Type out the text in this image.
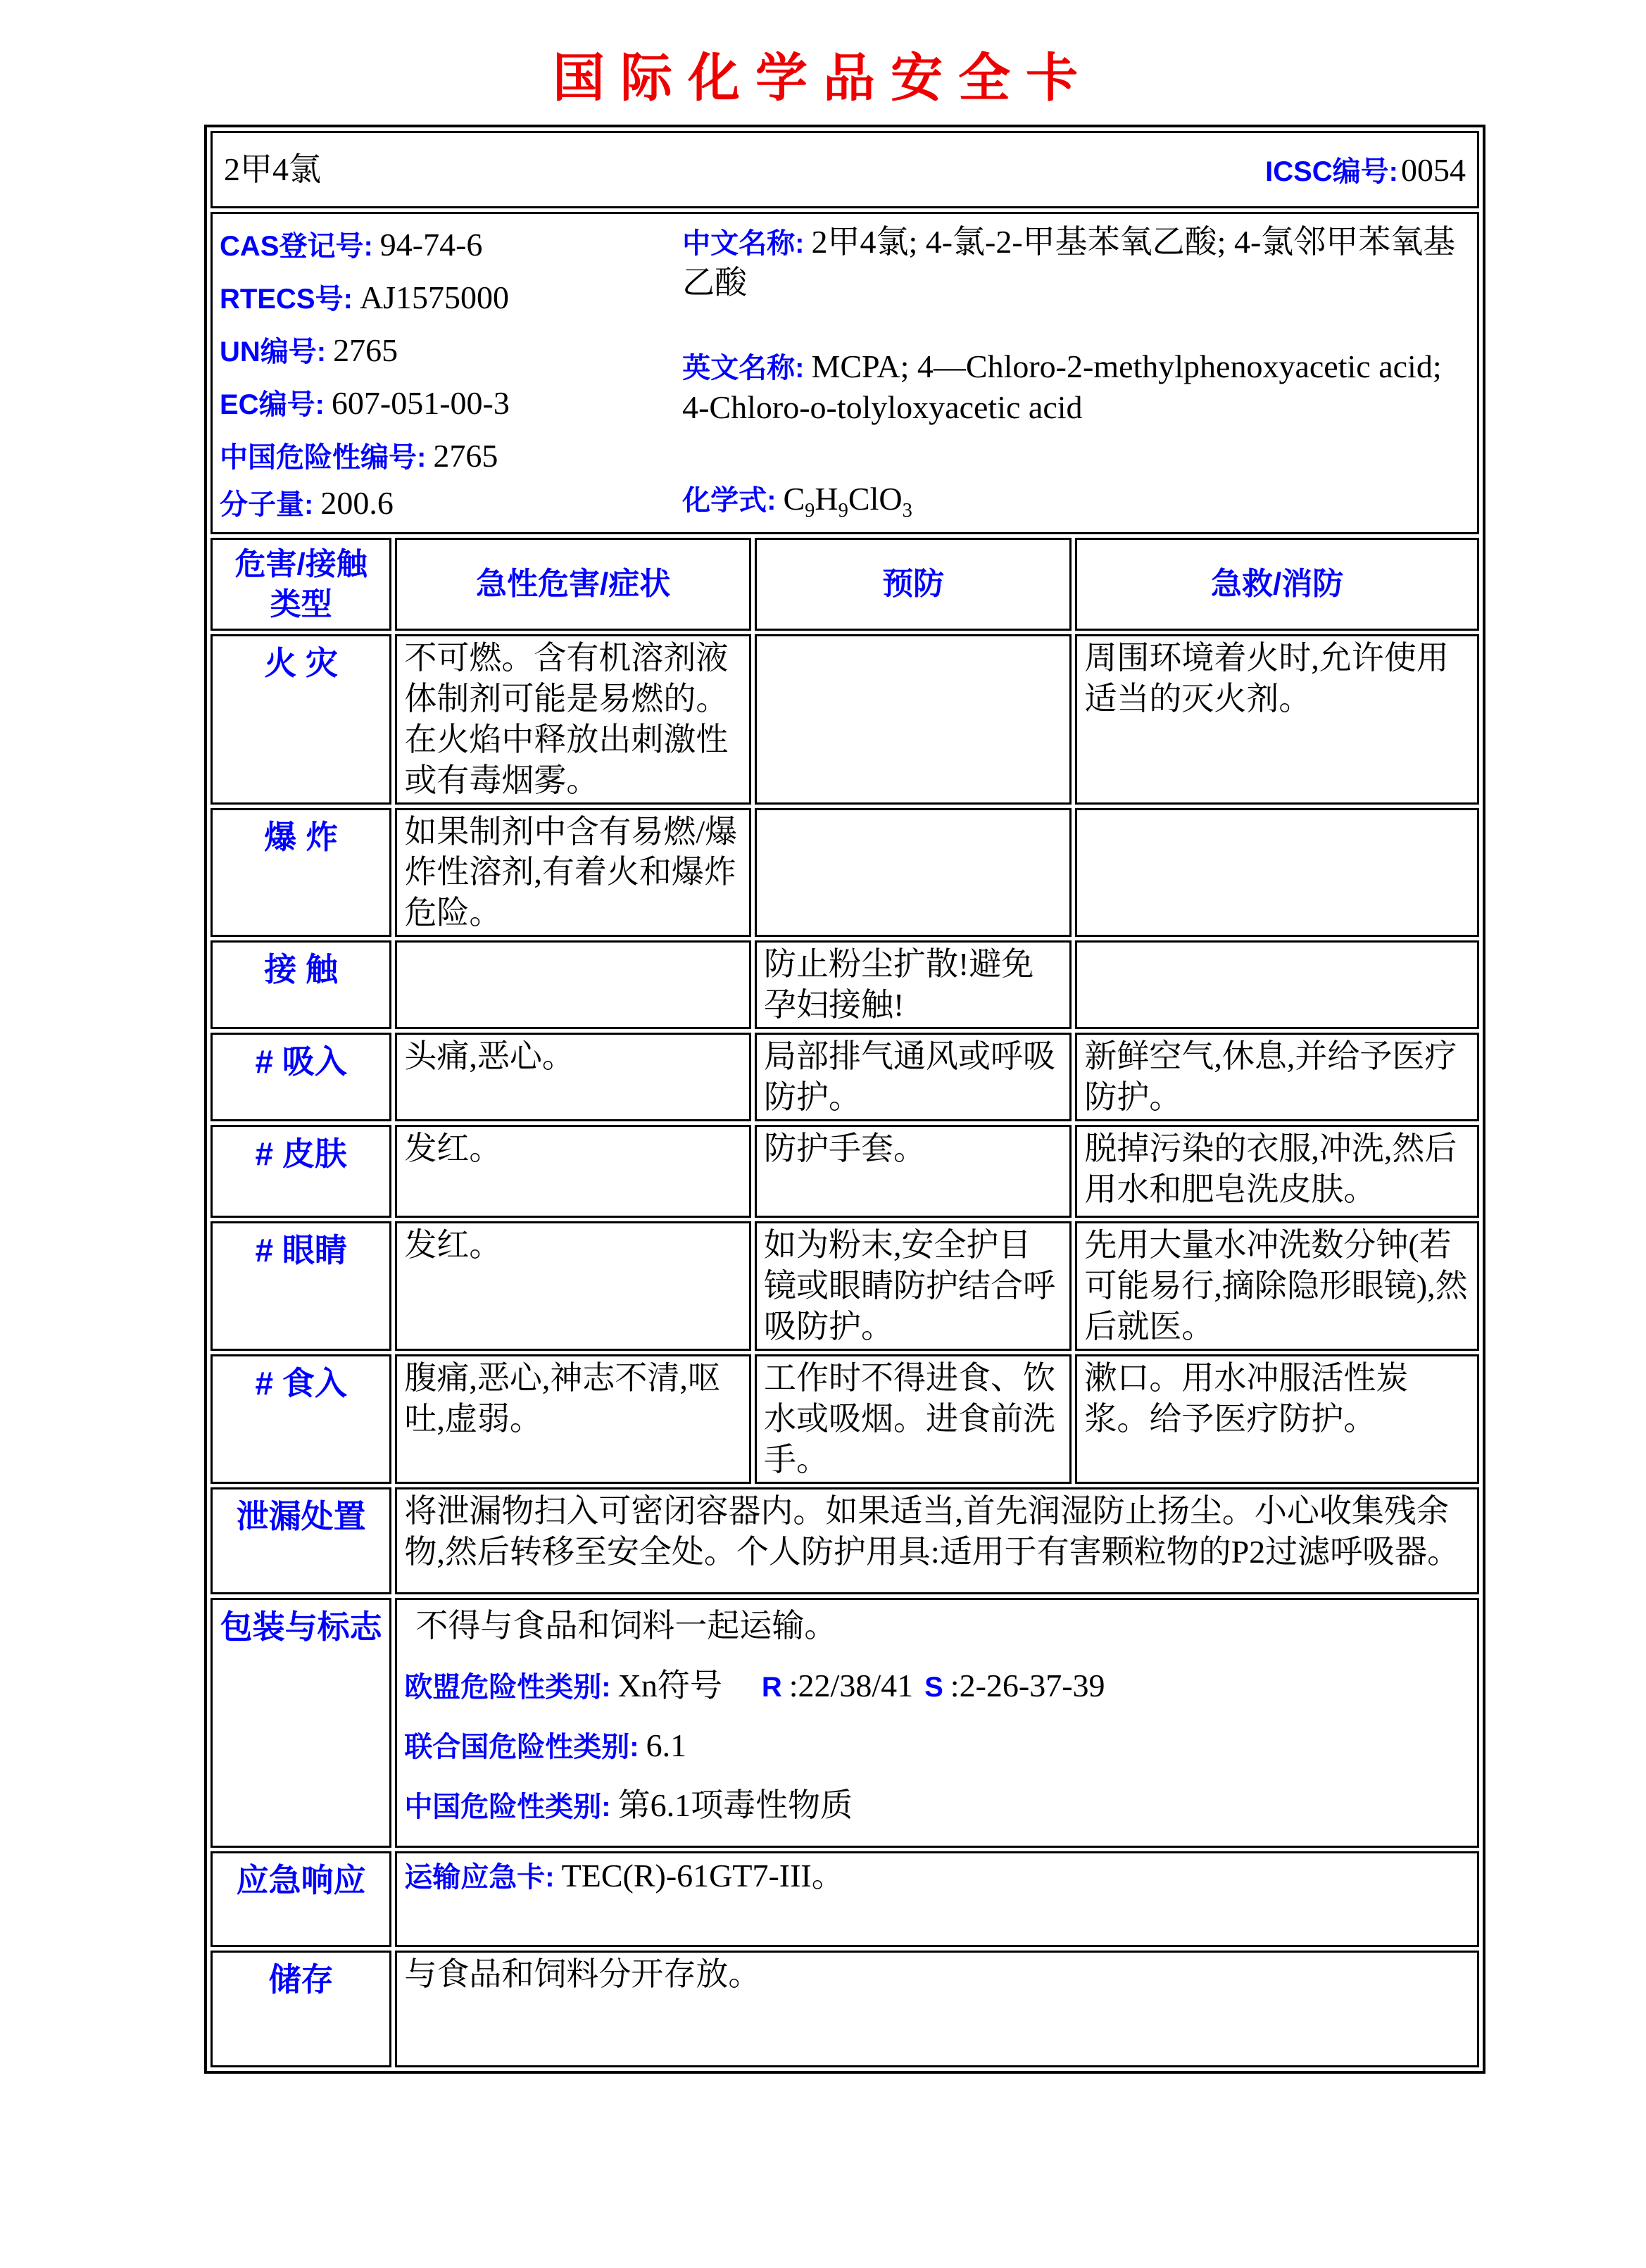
国际化学品安全卡
2甲4氯 ICSC编号: 0054			

CAS登记号: 94-74-6
RTECS号: AJ1575000
UN编号: 2765
EC编号: 607-051-00-3
中国危险性编号: 2765
分子量: 200.6
中文名称: 2甲4氯; 4-氯-2-甲基苯氧乙酸; 4-氯邻甲苯氧基乙酸
英文名称: MCPA; 4—Chloro-2-methylphenoxyacetic acid; 4-Chloro-o-tolyloxyacetic acid
化学式: $C_9H_9ClO_3$

危害/接触类型	急性危害/症状	预防	急救/消防
火 灾	不可燃。含有机溶剂液体制剂可能是易燃的。在火焰中释放出刺激性或有毒烟雾。		周围环境着火时,允许使用适当的灭火剂。
爆 炸	如果制剂中含有易燃/爆炸性溶剂,有着火和爆炸危险。		
接 触		防止粉尘扩散!避免孕妇接触!	
# 吸入	头痛,恶心。	局部排气通风或呼吸防护。	新鲜空气,休息,并给予医疗防护。
# 皮肤	发红。	防护手套。	脱掉污染的衣服,冲洗,然后用水和肥皂洗皮肤。
# 眼睛	发红。	如为粉末,安全护目镜或眼睛防护结合呼吸防护。	先用大量水冲洗数分钟(若可能易行,摘除隐形眼镜),然后就医。
# 食入	腹痛,恶心,神志不清,呕吐,虚弱。	工作时不得进食、饮水或吸烟。进食前洗手。	漱口。用水冲服活性炭浆。给予医疗防护。
泄漏处置	将泄漏物扫入可密闭容器内。如果适当,首先润湿防止扬尘。小心收集残余物,然后转移至安全处。个人防护用具:适用于有害颗粒物的P2过滤呼吸器。		
包装与标志	不得与食品和饲料一起运输。
欧盟危险性类别: Xn符号 R :22/38/41 S :2-26-37-39
联合国危险性类别: 6.1
中国危险性类别: 第6.1项毒性物质		

应急响应	运输应急卡: TEC(R)-61GT7-III。		
储存	与食品和饲料分开存放。		
